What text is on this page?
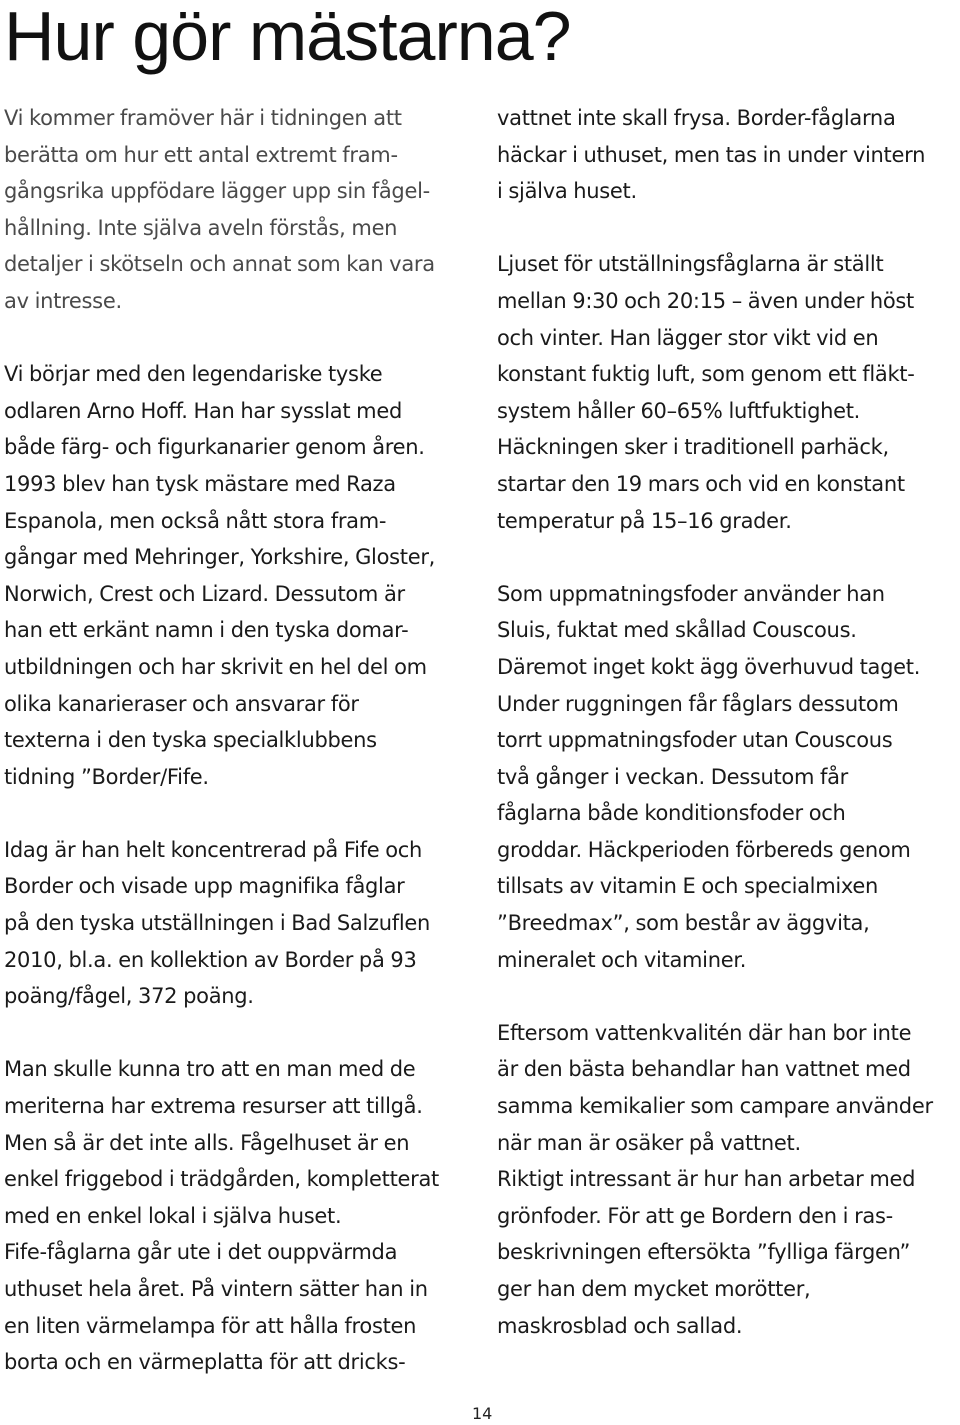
Hur gör mästarna?

Vi kommer framöver här i tidningen att
berätta om hur ett antal extremt fram-
gångsrika uppfödare lägger upp sin fågel-
hållning. Inte själva aveln förstås, men
detaljer i skötseln och annat som kan vara
av intresse.

Vi börjar med den legendariske tyske
odlaren Arno Hoff. Han har sysslat med
både färg- och figurkanarier genom åren.
1993 blev han tysk mästare med Raza
Espanola, men också nått stora fram-
gångar med Mehringer, Yorkshire, Gloster,
Norwich, Crest och Lizard. Dessutom är
han ett erkänt namn i den tyska domar-
utbildningen och har skrivit en hel del om
olika kanarieraser och ansvarar för
texterna i den tyska specialklubbens
tidning ”Border/Fife.

Idag är han helt koncentrerad på Fife och
Border och visade upp magnifika fåglar
på den tyska utställningen i Bad Salzuflen
2010, bl.a. en kollektion av Border på 93
poäng/fågel, 372 poäng.

Man skulle kunna tro att en man med de
meriterna har extrema resurser att tillgå.
Men så är det inte alls. Fågelhuset är en
enkel friggebod i trädgården, kompletterat
med en enkel lokal i själva huset.
Fife-fåglarna går ute i det ouppvärmda
uthuset hela året. På vintern sätter han in
en liten värmelampa för att hålla frosten
borta och en värmeplatta för att dricks-

vattnet inte skall frysa. Border-fåglarna
häckar i uthuset, men tas in under vintern
i själva huset.

Ljuset för utställningsfåglarna är ställt
mellan 9:30 och 20:15 – även under höst
och vinter. Han lägger stor vikt vid en
konstant fuktig luft, som genom ett fläkt-
system håller 60–65% luftfuktighet.
Häckningen sker i traditionell parhäck,
startar den 19 mars och vid en konstant
temperatur på 15–16 grader.

Som uppmatningsfoder använder han
Sluis, fuktat med skållad Couscous.
Däremot inget kokt ägg överhuvud taget.
Under ruggningen får fåglars dessutom
torrt uppmatningsfoder utan Couscous
två gånger i veckan. Dessutom får
fåglarna både konditionsfoder och
groddar. Häckperioden förbereds genom
tillsats av vitamin E och specialmixen
”Breedmax”, som består av äggvita,
mineralet och vitaminer.

Eftersom vattenkvalitén där han bor inte
är den bästa behandlar han vattnet med
samma kemikalier som campare använder
när man är osäker på vattnet.
Riktigt intressant är hur han arbetar med
grönfoder. För att ge Bordern den i ras-
beskrivningen eftersökta ”fylliga färgen”
ger han dem mycket morötter,
maskrosblad och sallad.

14
